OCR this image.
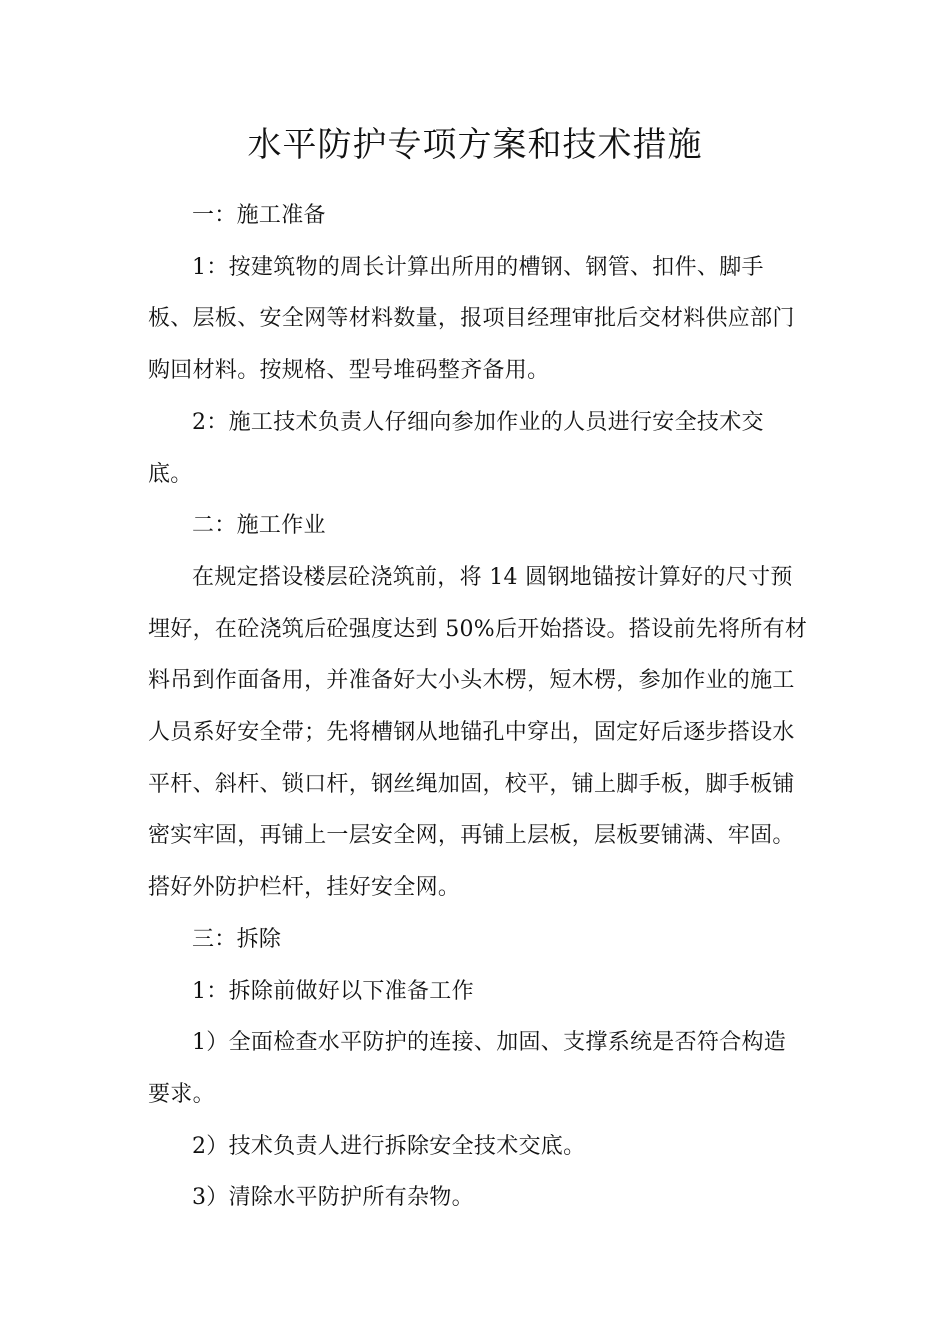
水平防护专项方案和技术措施
一：施工准备
1：按建筑物的周长计算出所用的槽钢、钢管、扣件、脚手
板、层板、安全网等材料数量，报项目经理审批后交材料供应部门
购回材料。按规格、型号堆码整齐备用。
2：施工技术负责人仔细向参加作业的人员进行安全技术交
底。
二：施工作业
在规定搭设楼层砼浇筑前，将 14 圆钢地锚按计算好的尺寸预
埋好，在砼浇筑后砼强度达到 50%后开始搭设。搭设前先将所有材
料吊到作面备用，并准备好大小头木楞，短木楞，参加作业的施工
人员系好安全带；先将槽钢从地锚孔中穿出，固定好后逐步搭设水
平杆、斜杆、锁口杆，钢丝绳加固，校平，铺上脚手板，脚手板铺
密实牢固，再铺上一层安全网，再铺上层板，层板要铺满、牢固。
搭好外防护栏杆，挂好安全网。
三：拆除
1：拆除前做好以下准备工作
1）全面检查水平防护的连接、加固、支撑系统是否符合构造
要求。
2）技术负责人进行拆除安全技术交底。
3）清除水平防护所有杂物。
